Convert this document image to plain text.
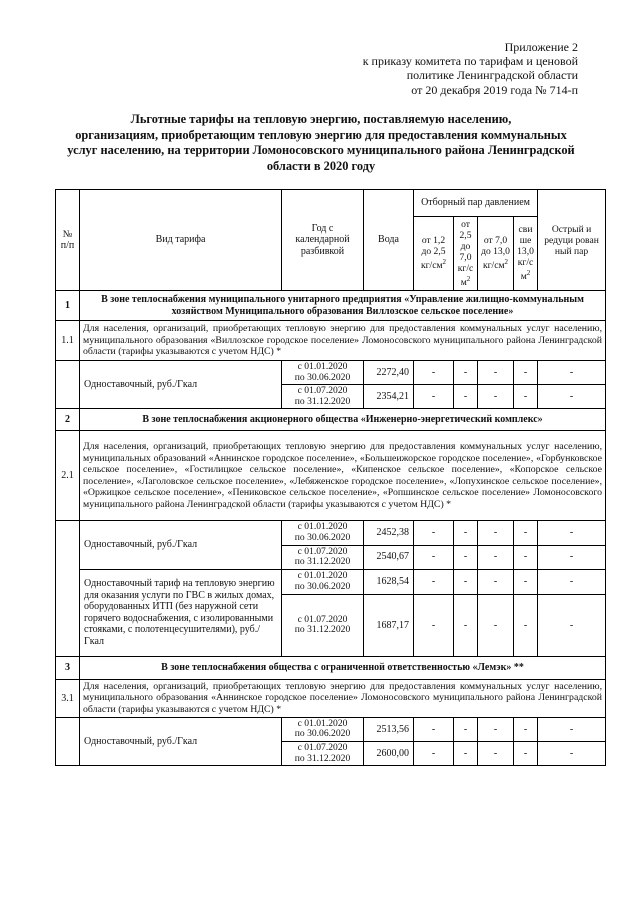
Приложение 2
к приказу комитета по тарифам и ценовой
политике Ленинградской области
от 20 декабря 2019 года № 714-п
Льготные тарифы на тепловую энергию, поставляемую населению,
организациям, приобретающим тепловую энергию для предоставления коммунальных
услуг населению, на территории Ломоносовского муниципального района Ленинградской
области в 2020 году
№ п/п	Вид тарифа	Год с календарной разбивкой	Вода	Отборный пар давлением				Острый и редуци рован ный пар
				от 1,2 до 2,5 $кг/см^2$	от 2,5 до 7,0 кг/с $м^2$	от 7,0 до 13,0 $кг/см^2$	сви ше 13,0 кг/с $м^2$
1	В зоне теплоснабжения муниципального унитарного предприятия «Управление жилищно-коммунальным хозяйством Муниципального образования Виллозское сельское поселение»							
1.1	Для населения, организаций, приобретающих тепловую энергию для предоставления коммунальных услуг населению, муниципального образования «Виллозское городское поселение» Ломоносовского муниципального района Ленинградской области (тарифы указываются с учетом НДС) *							
	Одноставочный, руб./Гкал	с 01.01.2020
по 30.06.2020	2272,40	-	-	-	-	-

		с 01.07.2020
по 31.12.2020	2354,21	-	-	-	-	-
2	В зоне теплоснабжения акционерного общества «Инженерно-энергетический комплекс»							
2.1	Для населения, организаций, приобретающих тепловую энергию для предоставления коммунальных услуг населению, муниципальных образований «Аннинское городское поселение», «Большеижорское городское поселение», «Горбунковское сельское поселение», «Гостилицкое сельское поселение», «Кипенское сельское поселение», «Копорское сельское поселение», «Лаголовское сельское поселение», «Лебяженское городское поселение», «Лопухинское сельское поселение», «Оржицкое сельское поселение», «Пениковское сельское поселение», «Ропшинское сельское поселение» Ломоносовского муниципального района Ленинградской области (тарифы указываются с учетом НДС) *							
	Одноставочный, руб./Гкал	с 01.01.2020
по 30.06.2020	2452,38	-	-	-	-	-

		с 01.07.2020
по 31.12.2020	2540,67	-	-	-	-	-
	Одноставочный тариф на тепловую энергию для оказания услуги по ГВС в жилых домах, оборудованных ИТП (без наружной сети горячего водоснабжения, с изолированными стояками, с полотенцесушителями), руб./Гкал	с 01.01.2020
по 30.06.2020	1628,54	-	-	-	-	-

		с 01.07.2020
по 31.12.2020	1687,17	-	-	-	-	-
3	В зоне теплоснабжения общества с ограниченной ответственностью «Лемэк» **							
3.1	Для населения, организаций, приобретающих тепловую энергию для предоставления коммунальных услуг населению, муниципального образования «Аннинское городское поселение» Ломоносовского муниципального района Ленинградской области (тарифы указываются с учетом НДС) *							
	Одноставочный, руб./Гкал	с 01.01.2020
по 30.06.2020	2513,56	-	-	-	-	-

		с 01.07.2020
по 31.12.2020	2600,00	-	-	-	-	-
